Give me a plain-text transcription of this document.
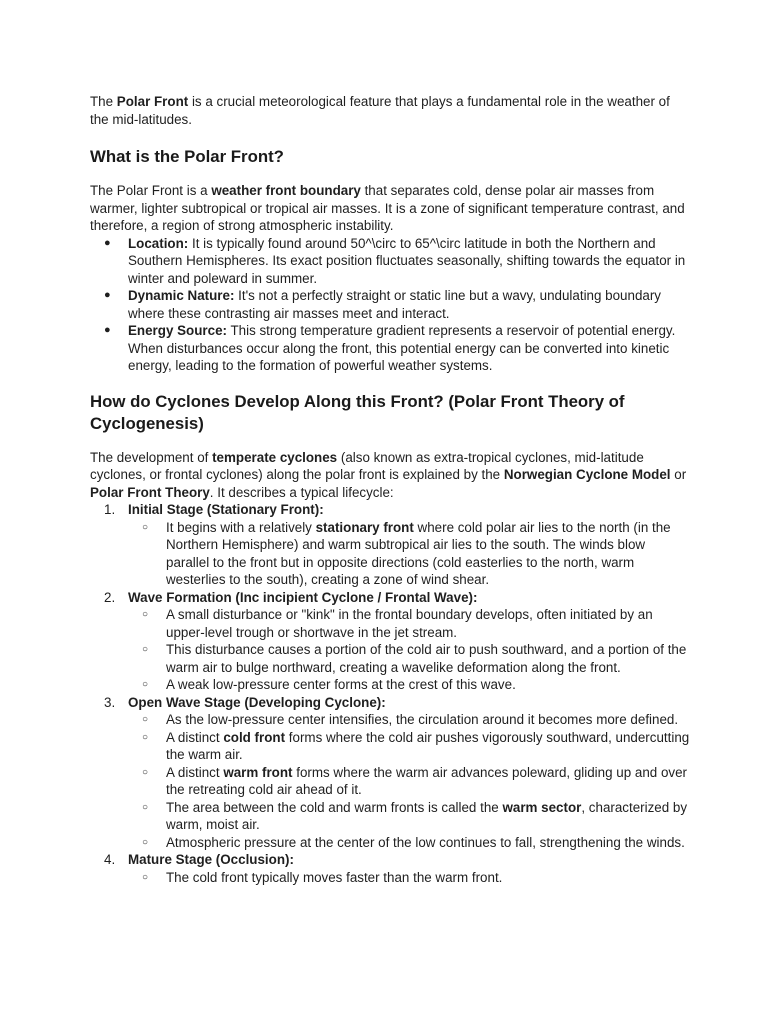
The Polar Front is a crucial meteorological feature that plays a fundamental role in the weather of the mid-latitudes.

What is the Polar Front?

The Polar Front is a weather front boundary that separates cold, dense polar air masses from warmer, lighter subtropical or tropical air masses. It is a zone of significant temperature contrast, and therefore, a region of strong atmospheric instability.

● Location: It is typically found around 50^\circ to 65^\circ latitude in both the Northern and Southern Hemispheres. Its exact position fluctuates seasonally, shifting towards the equator in winter and poleward in summer.
● Dynamic Nature: It's not a perfectly straight or static line but a wavy, undulating boundary where these contrasting air masses meet and interact.
● Energy Source: This strong temperature gradient represents a reservoir of potential energy. When disturbances occur along the front, this potential energy can be converted into kinetic energy, leading to the formation of powerful weather systems.
How do Cyclones Develop Along this Front? (Polar Front Theory of Cyclogenesis)

The development of temperate cyclones (also known as extra-tropical cyclones, mid-latitude cyclones, or frontal cyclones) along the polar front is explained by the Norwegian Cyclone Model or Polar Front Theory. It describes a typical lifecycle:

1. Initial Stage (Stationary Front):
○ It begins with a relatively stationary front where cold polar air lies to the north (in the Northern Hemisphere) and warm subtropical air lies to the south. The winds blow parallel to the front but in opposite directions (cold easterlies to the north, warm westerlies to the south), creating a zone of wind shear.
2. Wave Formation (Inc incipient Cyclone / Frontal Wave):
○ A small disturbance or "kink" in the frontal boundary develops, often initiated by an upper-level trough or shortwave in the jet stream.
○ This disturbance causes a portion of the cold air to push southward, and a portion of the warm air to bulge northward, creating a wavelike deformation along the front.
○ A weak low-pressure center forms at the crest of this wave.
3. Open Wave Stage (Developing Cyclone):
○ As the low-pressure center intensifies, the circulation around it becomes more defined.
○ A distinct cold front forms where the cold air pushes vigorously southward, undercutting the warm air.
○ A distinct warm front forms where the warm air advances poleward, gliding up and over the retreating cold air ahead of it.
○ The area between the cold and warm fronts is called the warm sector, characterized by warm, moist air.
○ Atmospheric pressure at the center of the low continues to fall, strengthening the winds.
4. Mature Stage (Occlusion):
○ The cold front typically moves faster than the warm front.
